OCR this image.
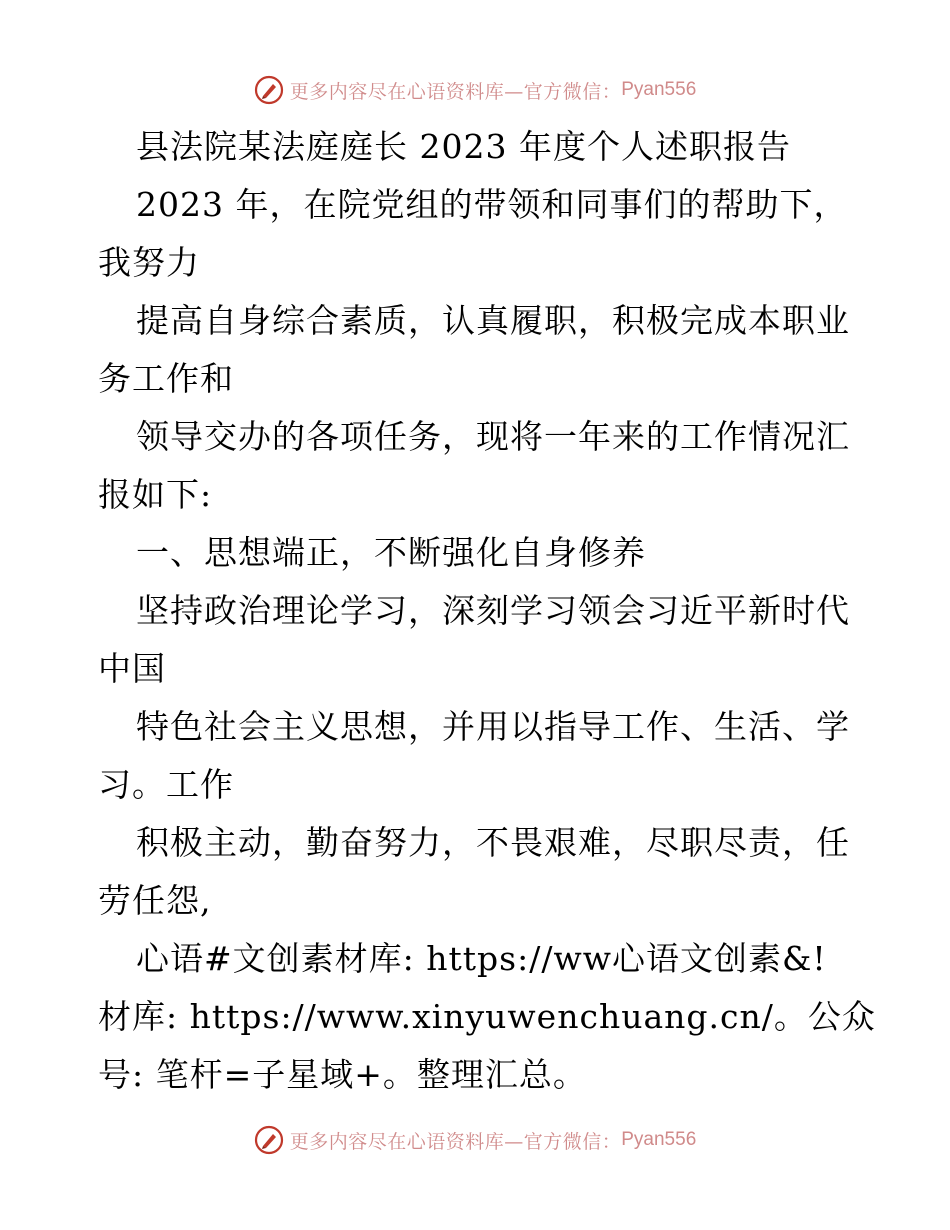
更多内容尽在心语资料库—官方微信： Pyan556
县法院某法庭庭长 2023 年度个人述职报告
2023 年，在院党组的带领和同事们的帮助下，
我努力
提高自身综合素质，认真履职，积极完成本职业
务工作和
领导交办的各项任务，现将一年来的工作情况汇
报如下:
一、思想端正，不断强化自身修养
坚持政治理论学习，深刻学习领会习近平新时代
中国
特色社会主义思想，并用以指导工作、生活、学
习。工作
积极主动，勤奋努力，不畏艰难，尽职尽责，任
劳任怨,
心语#文创素材库: https://ww心语文创素&!
材库: https://www.xinyuwenchuang.cn/。公众
号: 笔杆=子星域+。整理汇总。
更多内容尽在心语资料库—官方微信： Pyan556
